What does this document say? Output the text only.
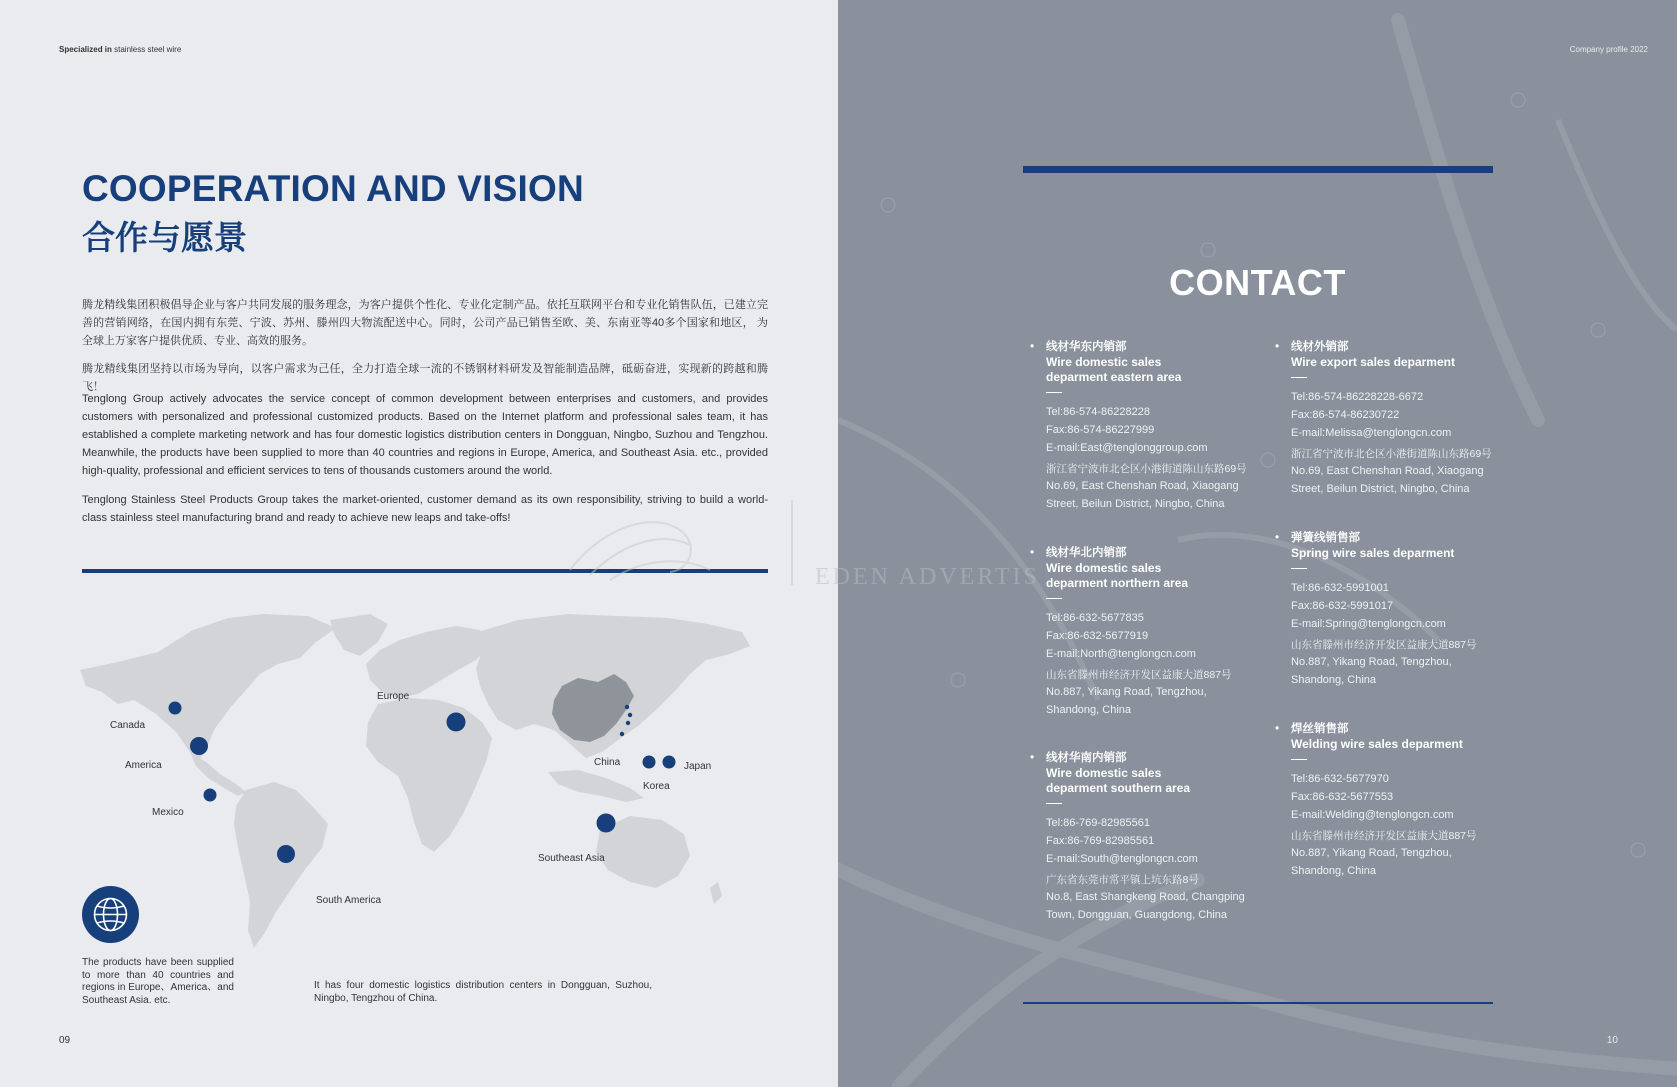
Specialized in stainless steel wire
COOPERATION AND VISION
合作与愿景

腾龙精线集团积极倡导企业与客户共同发展的服务理念，为客户提供个性化、专业化定制产品。依托互联网平台和专业化销售队伍，已建立完善的营销网络，在国内拥有东莞、宁波、苏州、滕州四大物流配送中心。同时，公司产品已销售至欧、美、东南亚等40多个国家和地区， 为全球上万家客户提供优质、专业、高效的服务。

腾龙精线集团坚持以市场为导向，以客户需求为己任，全力打造全球一流的不锈钢材料研发及智能制造品牌，砥砺奋进，实现新的跨越和腾飞！

Tenglong Group actively advocates the service concept of common development between enterprises and customers, and provides customers with personalized and professional customized products. Based on the Internet platform and professional sales team, it has established a complete marketing network and has four domestic logistics distribution centers in Dongguan, Ningbo, Suzhou and Tengzhou. Meanwhile, the products have been supplied to more than 40 countries and regions in Europe, America, and Southeast Asia. etc., provided high-quality, professional and efficient services to tens of thousands customers around the world.

Tenglong Stainless Steel Products Group takes the market-oriented, customer demand as its own responsibility, striving to build a world-class stainless steel manufacturing brand and ready to achieve new leaps and take-offs!

Canada
America
Mexico
Europe
China	Japan
Korea
Southeast Asia
South America

The products have been supplied to more than 40 countries and regions in Europe、America、and Southeast Asia. etc.

It has four domestic logistics distribution centers in Dongguan, Suzhou, Ningbo, Tengzhou of China.

09
Company profile 2022
CONTACT
• 线材华东内销部
Wire domestic sales deparment eastern area
Tel:86-574-86228228
Fax:86-574-86227999
E-mail:East@tenglonggroup.com
浙江省宁波市北仑区小港街道陈山东路69号
No.69, East Chenshan Road, Xiaogang Street, Beilun District, Ningbo, China
• 线材外销部
Wire export sales deparment
Tel:86-574-86228228-6672
Fax:86-574-86230722
E-mail:Melissa@tenglongcn.com
浙江省宁波市北仑区小港街道陈山东路69号
No.69, East Chenshan Road, Xiaogang Street, Beilun District, Ningbo, China
• 线材华北内销部
Wire domestic sales deparment northern area
Tel:86-632-5677835
Fax:86-632-5677919
E-mail:North@tenglongcn.com
山东省滕州市经济开发区益康大道887号
No.887, Yikang Road, Tengzhou, Shandong, China
• 弹簧线销售部
Spring wire sales deparment
Tel:86-632-5991001
Fax:86-632-5991017
E-mail:Spring@tenglongcn.com
山东省滕州市经济开发区益康大道887号
No.887, Yikang Road, Tengzhou, Shandong, China
• 线材华南内销部
Wire domestic sales deparment southern area
Tel:86-769-82985561
Fax:86-769-82985561
E-mail:South@tenglongcn.com
广东省东莞市常平镇上坑东路8号
No.8, East Shangkeng Road, Changping Town, Dongguan, Guangdong, China
• 焊丝销售部
Welding wire sales deparment
Tel:86-632-5677970
Fax:86-632-5677553
E-mail:Welding@tenglongcn.com
山东省滕州市经济开发区益康大道887号
No.887, Yikang Road, Tengzhou, Shandong, China
10
EDEN ADVERTIS
